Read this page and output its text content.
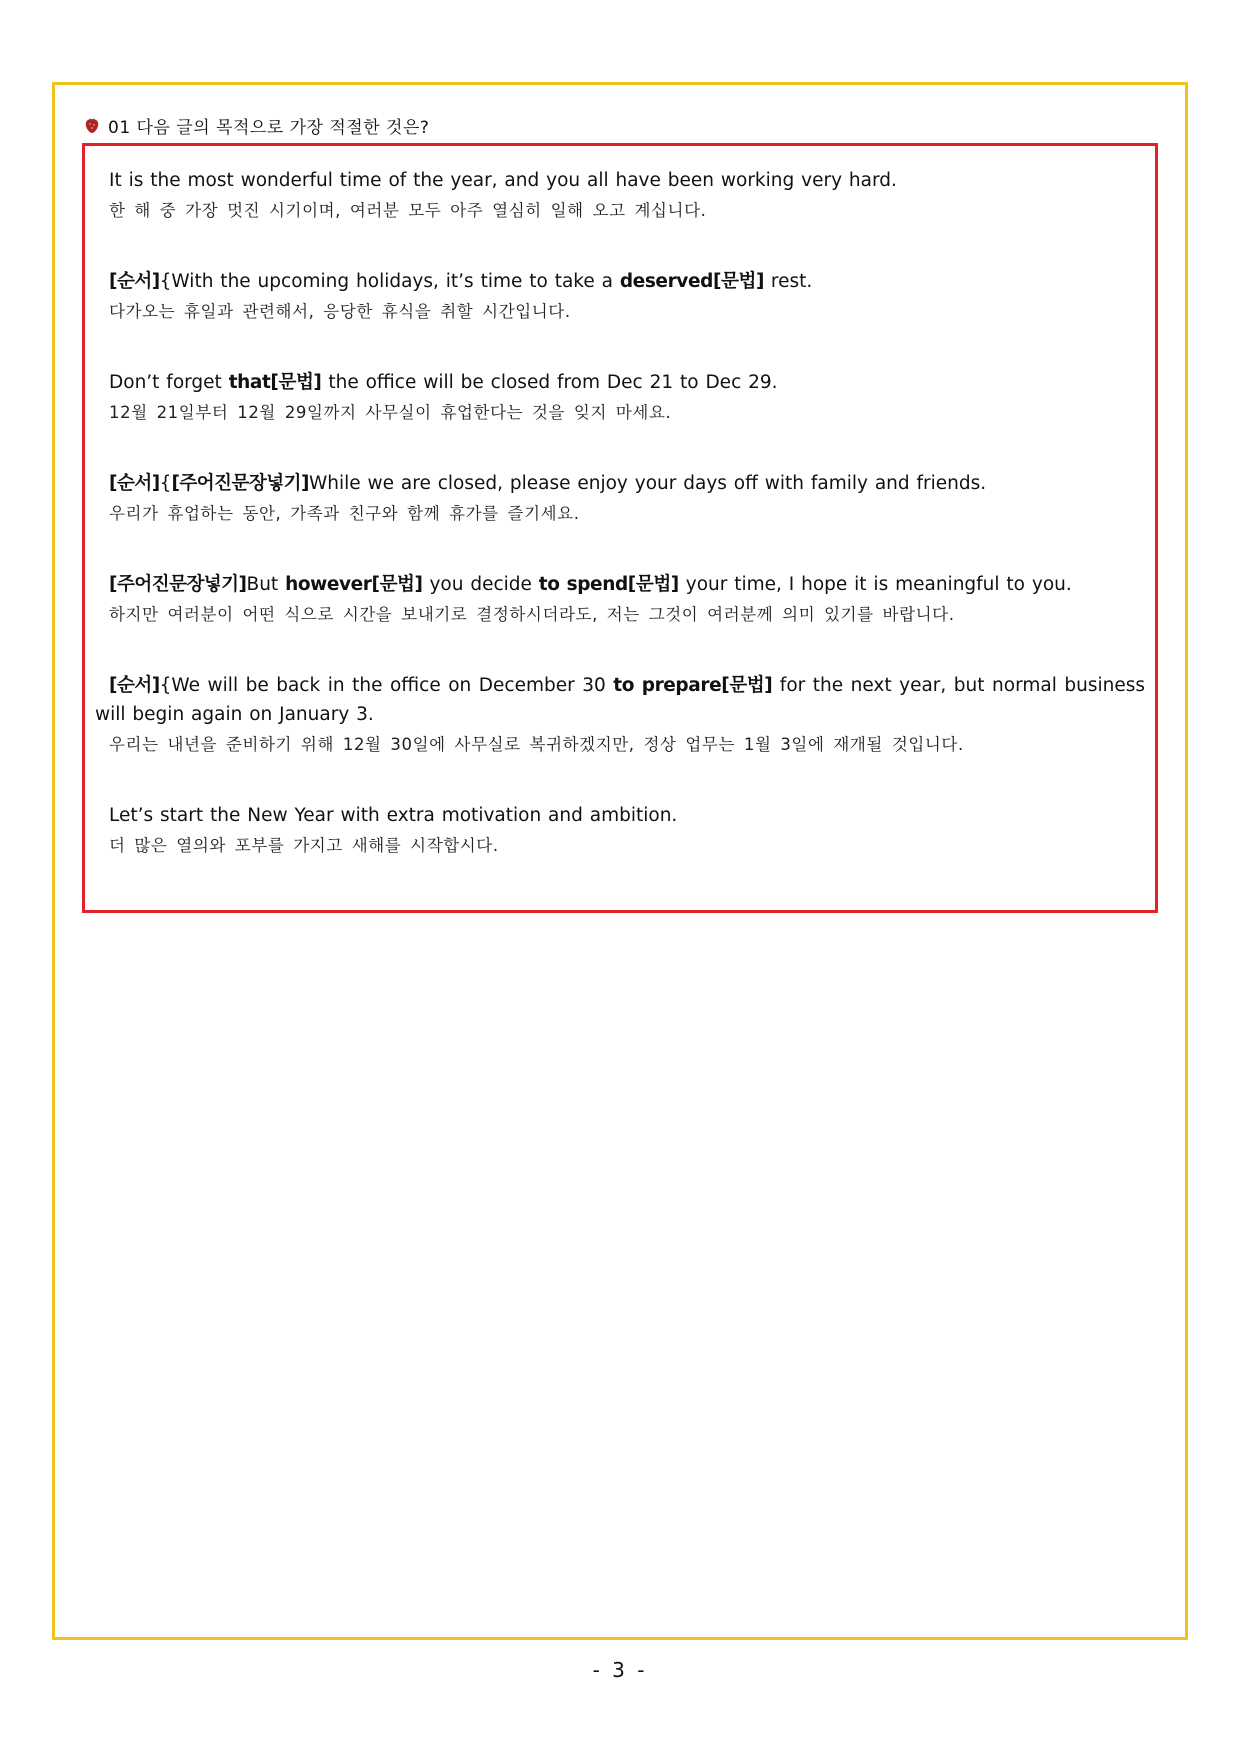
01 다음 글의 목적으로 가장 적절한 것은?

It is the most wonderful time of the year, and you all have been working very hard.

한 해 중 가장 멋진 시기이며, 여러분 모두 아주 열심히 일해 오고 계십니다.

[순서]{With the upcoming holidays, it’s time to take a deserved[문법] rest.

다가오는 휴일과 관련해서, 응당한 휴식을 취할 시간입니다.

Don’t forget that[문법] the office will be closed from Dec 21 to Dec 29.

12월 21일부터 12월 29일까지 사무실이 휴업한다는 것을 잊지 마세요.

[순서]{[주어진문장넣기]While we are closed, please enjoy your days off with family and friends.

우리가 휴업하는 동안, 가족과 친구와 함께 휴가를 즐기세요.

[주어진문장넣기]But however[문법] you decide to spend[문법] your time, I hope it is meaningful to you.

하지만 여러분이 어떤 식으로 시간을 보내기로 결정하시더라도, 저는 그것이 여러분께 의미 있기를 바랍니다.

[순서]{We will be back in the office on December 30 to prepare[문법] for the next year, but normal business will begin again on January 3.

우리는 내년을 준비하기 위해 12월 30일에 사무실로 복귀하겠지만, 정상 업무는 1월 3일에 재개될 것입니다.

Let’s start the New Year with extra motivation and ambition.

더 많은 열의와 포부를 가지고 새해를 시작합시다.

- 3 -
